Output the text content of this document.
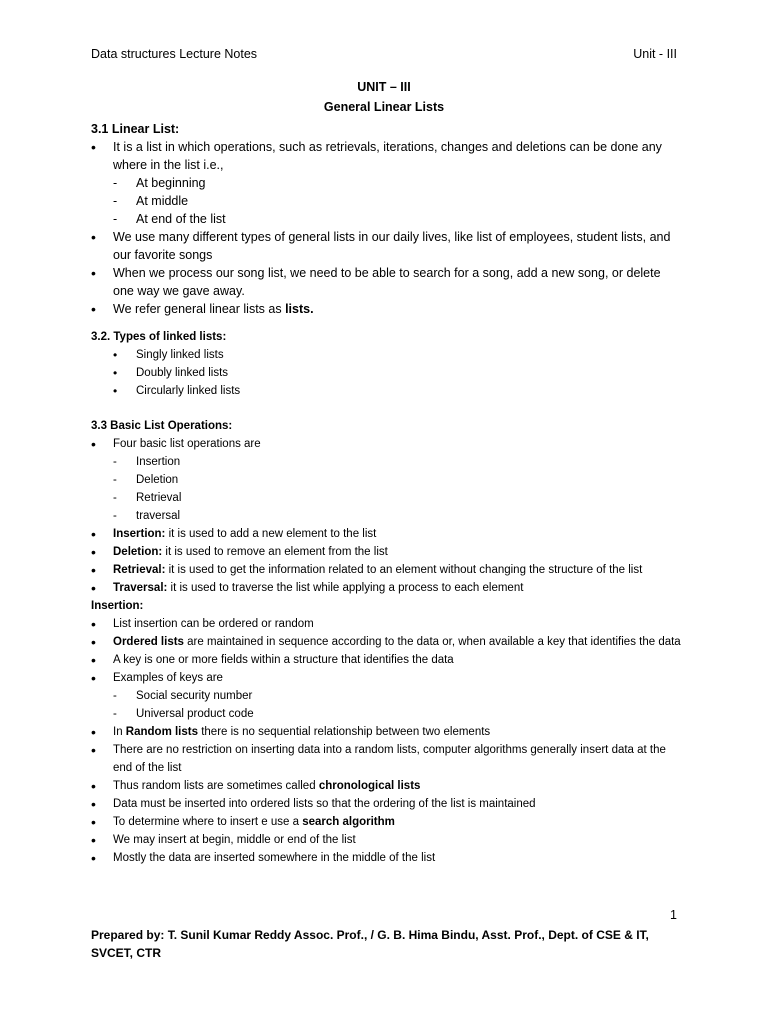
Data structures Lecture Notes	Unit - III
UNIT – III
General Linear Lists
3.1 Linear List:
•	It is a list in which operations, such as retrievals, iterations, changes and deletions can be done any where in the list i.e.,
- At beginning
- At middle
- At end of the list
•	We use many different types of general lists in our daily lives, like list of employees, student lists, and our favorite songs
•	When we process our song list, we need to be able to search for a song, add a new song, or delete one way we gave away.
•	We refer general linear lists as lists.
3.2. Types of linked lists:
• Singly linked lists
• Doubly linked lists
• Circularly linked lists
3.3 Basic List Operations:
•	Four basic list operations are
- Insertion
- Deletion
- Retrieval
- traversal
•	Insertion: it is used to add a new element to the list
•	Deletion: it is used to remove an element from the list
•	Retrieval: it is used to get the information related to an element without changing the structure of the list
•	Traversal: it is used to traverse the list while applying a process to each element
Insertion:
•	List insertion can be ordered or random
•	Ordered lists are maintained in sequence according to the data or, when available a key that identifies the data
•	A key is one or more fields within a structure that identifies the data
•	Examples of keys are
- Social security number
- Universal product code
•	In Random lists there is no sequential relationship between two elements
•	There are no restriction on inserting data into a random lists, computer algorithms generally insert data at the end of the list
•	Thus random lists are sometimes called chronological lists
•	Data must be inserted into ordered lists so that the ordering of the list is maintained
•	To determine where to insert e use a search algorithm
•	We may insert at begin, middle or end of the list
•	Mostly the data are inserted somewhere in the middle of the list
1
Prepared by: T. Sunil Kumar Reddy Assoc. Prof., / G. B. Hima Bindu, Asst. Prof., Dept. of CSE & IT, SVCET, CTR
